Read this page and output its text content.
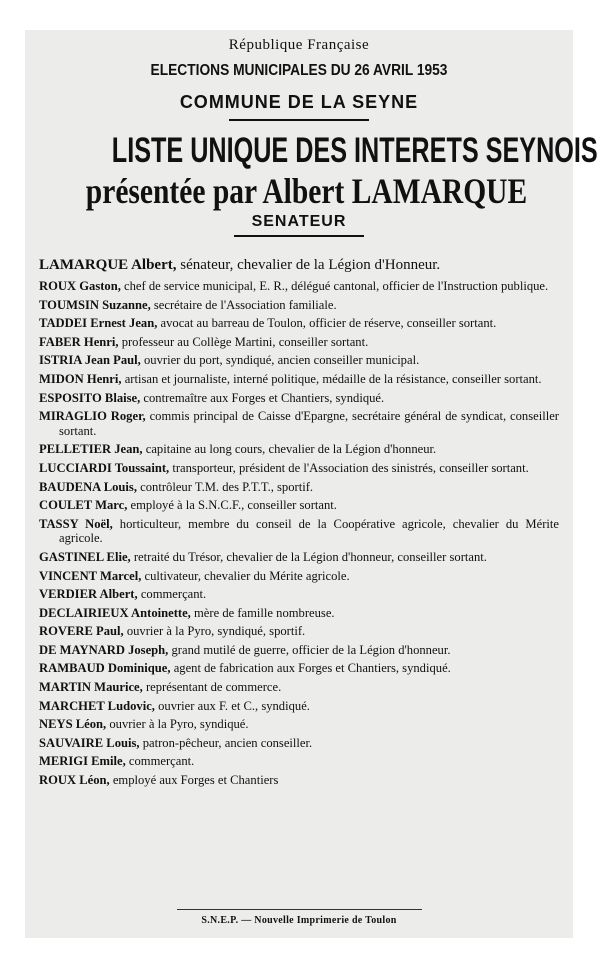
République Française
ELECTIONS MUNICIPALES DU 26 AVRIL 1953
COMMUNE DE LA SEYNE
LISTE UNIQUE DES INTERETS SEYNOIS
présentée par Albert LAMARQUE
SENATEUR
LAMARQUE Albert, sénateur, chevalier de la Légion d'Honneur.
ROUX Gaston, chef de service municipal, E. R., délégué cantonal, officier de l'Instruction publique.
TOUMSIN Suzanne, secrétaire de l'Association familiale.
TADDEI Ernest Jean, avocat au barreau de Toulon, officier de réserve, conseiller sortant.
FABER Henri, professeur au Collège Martini, conseiller sortant.
ISTRIA Jean Paul, ouvrier du port, syndiqué, ancien conseiller municipal.
MIDON Henri, artisan et journaliste, interné politique, médaille de la résistance, conseiller sortant.
ESPOSITO Blaise, contremaître aux Forges et Chantiers, syndiqué.
MIRAGLIO Roger, commis principal de Caisse d'Epargne, secrétaire général de syndicat, conseiller sortant.
PELLETIER Jean, capitaine au long cours, chevalier de la Légion d'honneur.
LUCCIARDI Toussaint, transporteur, président de l'Association des sinistrés, conseiller sortant.
BAUDENA Louis, contrôleur T.M. des P.T.T., sportif.
COULET Marc, employé à la S.N.C.F., conseiller sortant.
TASSY Noël, horticulteur, membre du conseil de la Coopérative agricole, chevalier du Mérite agricole.
GASTINEL Elie, retraité du Trésor, chevalier de la Légion d'honneur, conseiller sortant.
VINCENT Marcel, cultivateur, chevalier du Mérite agricole.
VERDIER Albert, commerçant.
DECLAIRIEUX Antoinette, mère de famille nombreuse.
ROVERE Paul, ouvrier à la Pyro, syndiqué, sportif.
DE MAYNARD Joseph, grand mutilé de guerre, officier de la Légion d'honneur.
RAMBAUD Dominique, agent de fabrication aux Forges et Chantiers, syndiqué.
MARTIN Maurice, représentant de commerce.
MARCHET Ludovic, ouvrier aux F. et C., syndiqué.
NEYS Léon, ouvrier à la Pyro, syndiqué.
SAUVAIRE Louis, patron-pêcheur, ancien conseiller.
MERIGI Emile, commerçant.
ROUX Léon, employé aux Forges et Chantiers
S.N.E.P. — Nouvelle Imprimerie de Toulon
